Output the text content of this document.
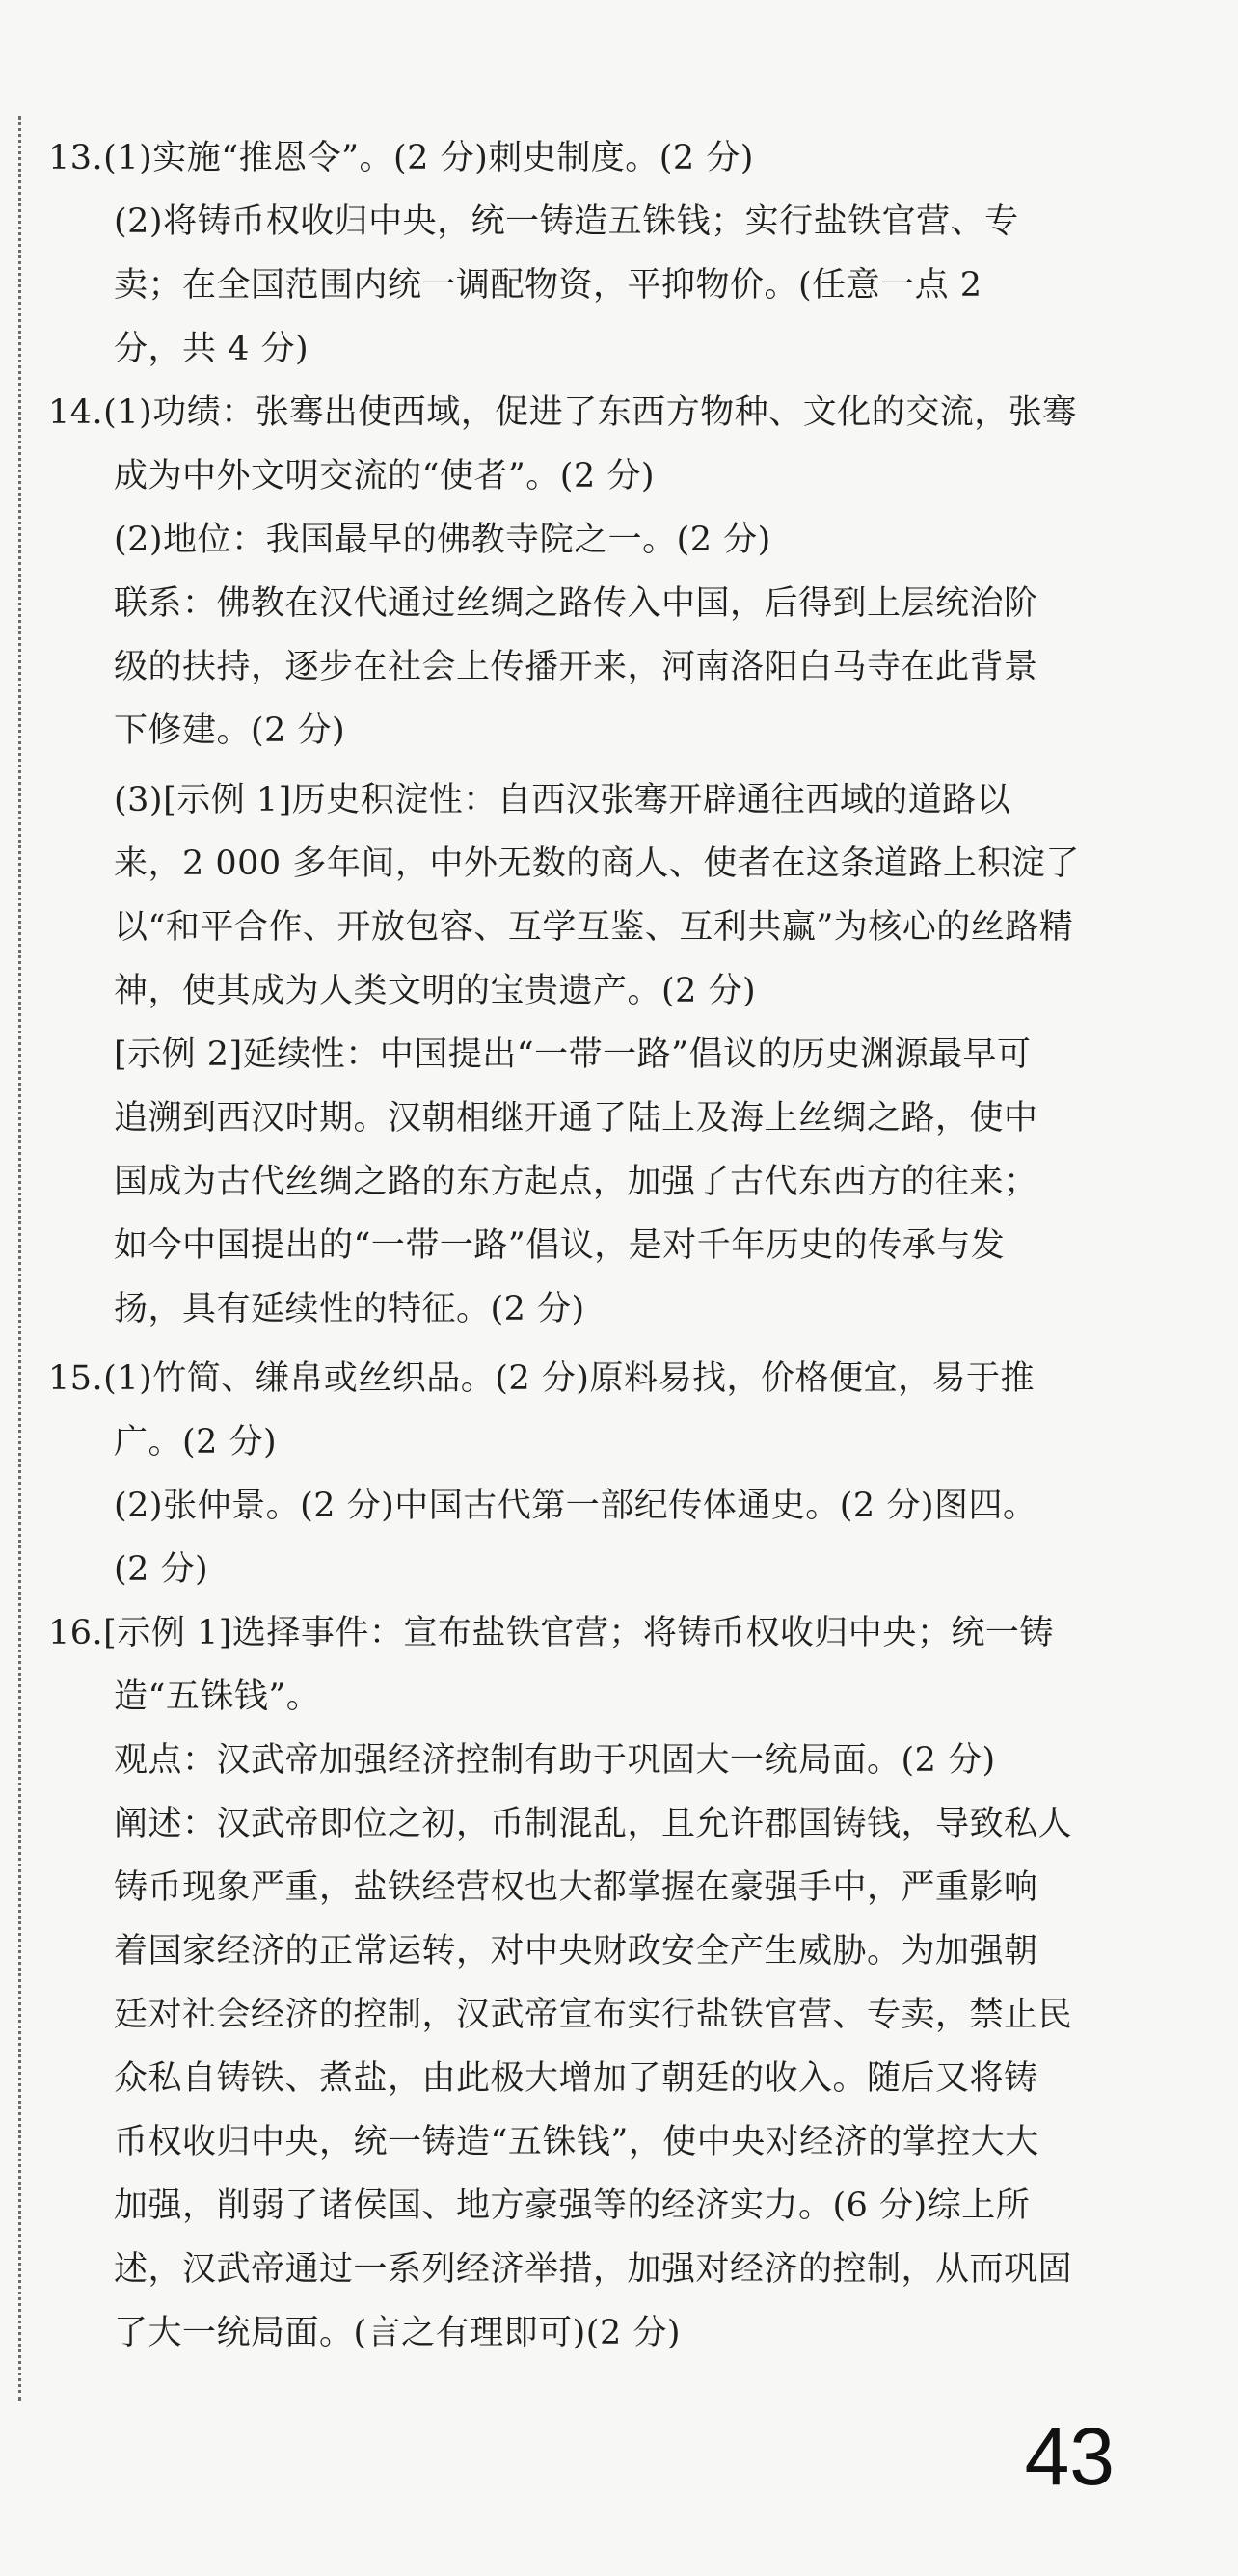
13.(1)实施“推恩令”。(2 分)刺史制度。(2 分)
(2)将铸币权收归中央，统一铸造五铢钱；实行盐铁官营、专
卖；在全国范围内统一调配物资，平抑物价。(任意一点 2
分，共 4 分)
14.(1)功绩：张骞出使西域，促进了东西方物种、文化的交流，张骞
成为中外文明交流的“使者”。(2 分)
(2)地位：我国最早的佛教寺院之一。(2 分)
联系：佛教在汉代通过丝绸之路传入中国，后得到上层统治阶
级的扶持，逐步在社会上传播开来，河南洛阳白马寺在此背景
下修建。(2 分)
(3)[示例 1]历史积淀性：自西汉张骞开辟通往西域的道路以
来，2 000 多年间，中外无数的商人、使者在这条道路上积淀了
以“和平合作、开放包容、互学互鉴、互利共赢”为核心的丝路精
神，使其成为人类文明的宝贵遗产。(2 分)
[示例 2]延续性：中国提出“一带一路”倡议的历史渊源最早可
追溯到西汉时期。汉朝相继开通了陆上及海上丝绸之路，使中
国成为古代丝绸之路的东方起点，加强了古代东西方的往来；
如今中国提出的“一带一路”倡议，是对千年历史的传承与发
扬，具有延续性的特征。(2 分)
15.(1)竹简、缣帛或丝织品。(2 分)原料易找，价格便宜，易于推
广。(2 分)
(2)张仲景。(2 分)中国古代第一部纪传体通史。(2 分)图四。
(2 分)
16.[示例 1]选择事件：宣布盐铁官营；将铸币权收归中央；统一铸
造“五铢钱”。
观点：汉武帝加强经济控制有助于巩固大一统局面。(2 分)
阐述：汉武帝即位之初，币制混乱，且允许郡国铸钱，导致私人
铸币现象严重，盐铁经营权也大都掌握在豪强手中，严重影响
着国家经济的正常运转，对中央财政安全产生威胁。为加强朝
廷对社会经济的控制，汉武帝宣布实行盐铁官营、专卖，禁止民
众私自铸铁、煮盐，由此极大增加了朝廷的收入。随后又将铸
币权收归中央，统一铸造“五铢钱”，使中央对经济的掌控大大
加强，削弱了诸侯国、地方豪强等的经济实力。(6 分)综上所
述，汉武帝通过一系列经济举措，加强对经济的控制，从而巩固
了大一统局面。(言之有理即可)(2 分)
43
